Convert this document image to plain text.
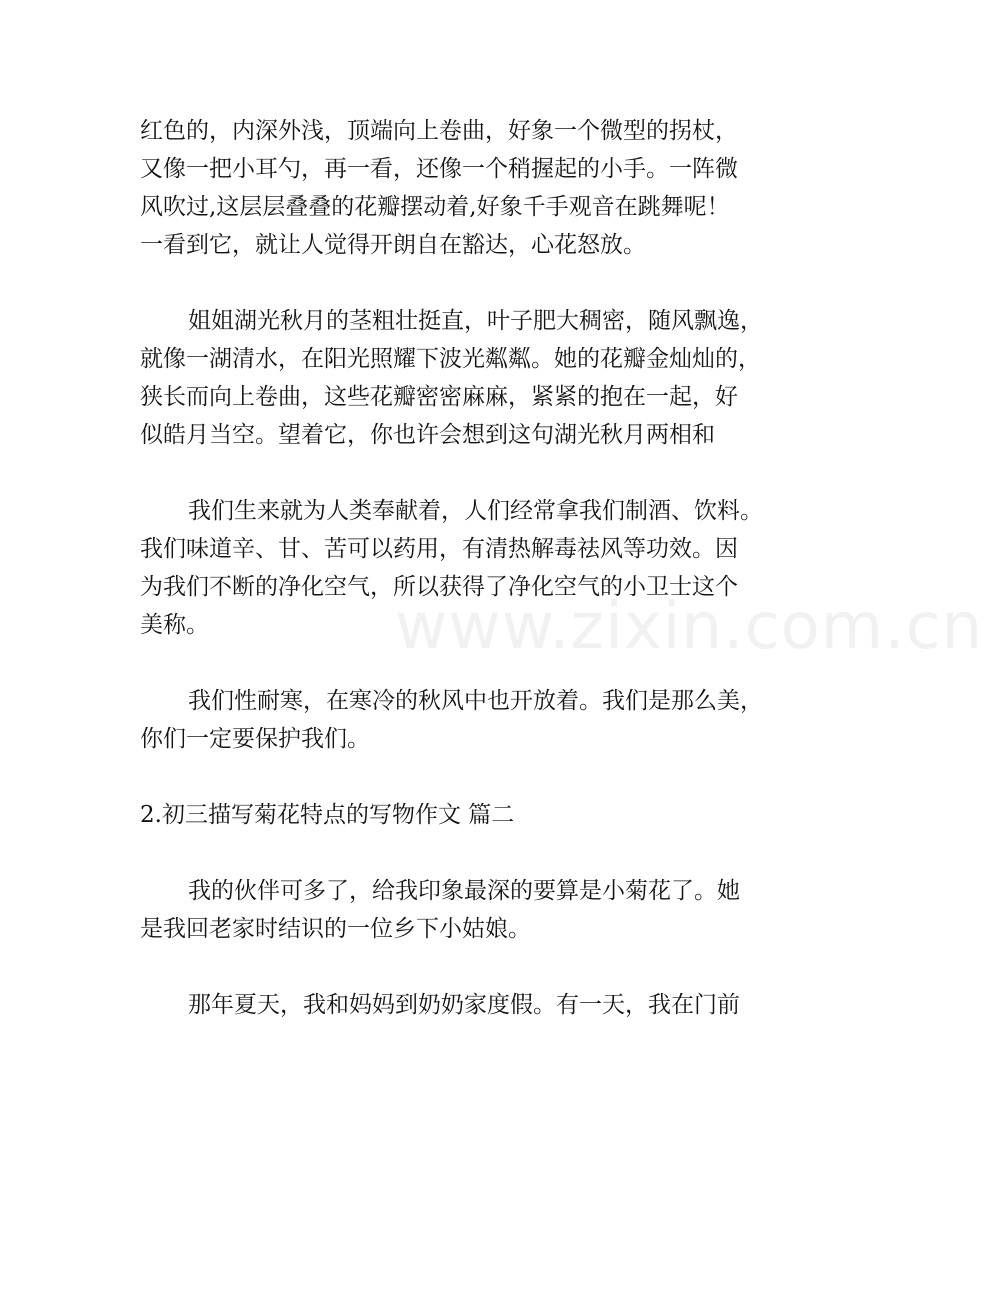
红色的，内深外浅，顶端向上卷曲，好象一个微型的拐杖，
又像一把小耳勺，再一看，还像一个稍握起的小手。一阵微
风吹过,这层层叠叠的花瓣摆动着,好象千手观音在跳舞呢！
一看到它，就让人觉得开朗自在豁达，心花怒放。
姐姐湖光秋月的茎粗壮挺直，叶子肥大稠密，随风飘逸，
就像一湖清水，在阳光照耀下波光粼粼。她的花瓣金灿灿的，
狭长而向上卷曲，这些花瓣密密麻麻，紧紧的抱在一起，好
似皓月当空。望着它，你也许会想到这句湖光秋月两相和
我们生来就为人类奉献着，人们经常拿我们制酒、饮料。
我们味道辛、甘、苦可以药用，有清热解毒祛风等功效。因
为我们不断的净化空气，所以获得了净化空气的小卫士这个
美称。
我们性耐寒，在寒冷的秋风中也开放着。我们是那么美，
你们一定要保护我们。
2.初三描写菊花特点的写物作文 篇二
我的伙伴可多了，给我印象最深的要算是小菊花了。她
是我回老家时结识的一位乡下小姑娘。
那年夏天，我和妈妈到奶奶家度假。有一天，我在门前
www.zixin.com.cn
